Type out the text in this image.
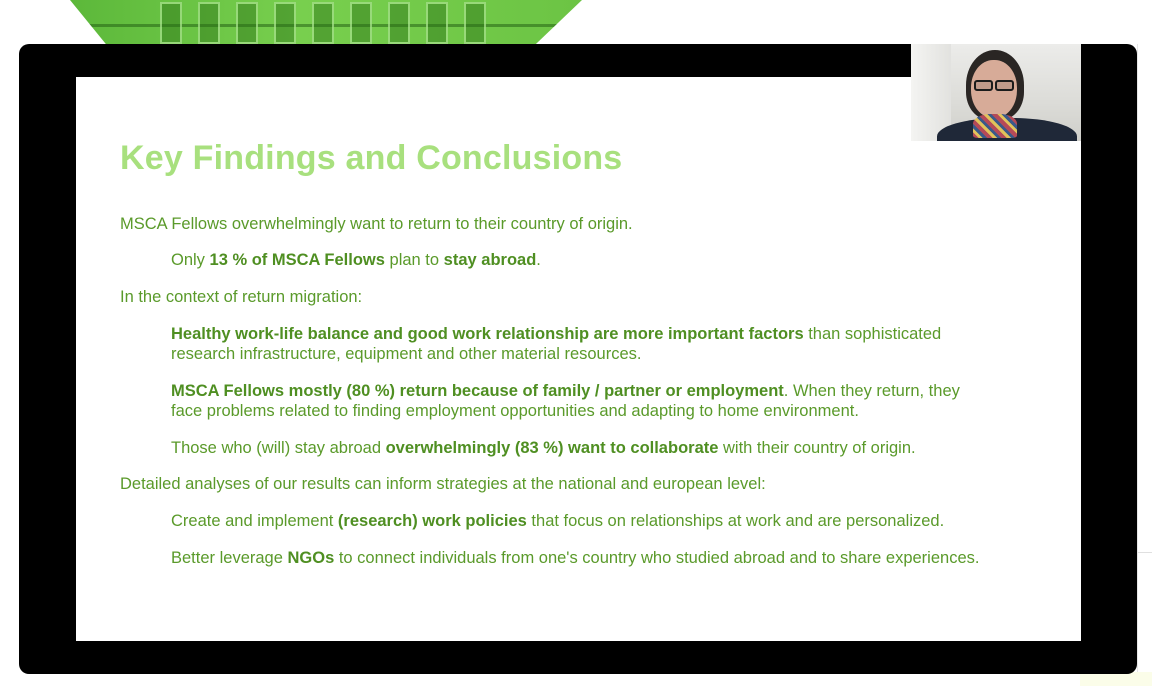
Key Findings and Conclusions

MSCA Fellows overwhelmingly want to return to their country of origin.

Only 13 % of MSCA Fellows plan to stay abroad.

In the context of return migration:

Healthy work-life balance and good work relationship are more important factors than sophisticated

research infrastructure, equipment and other material resources.

MSCA Fellows mostly (80 %) return because of family / partner or employment. When they return, they

face problems related to finding employment opportunities and adapting to home environment.

Those who (will) stay abroad overwhelmingly (83 %) want to collaborate with their country of origin.

Detailed analyses of our results can inform strategies at the national and european level:

Create and implement (research) work policies that focus on relationships at work and are personalized.

Better leverage NGOs to connect individuals from one's country who studied abroad and to share experiences.
